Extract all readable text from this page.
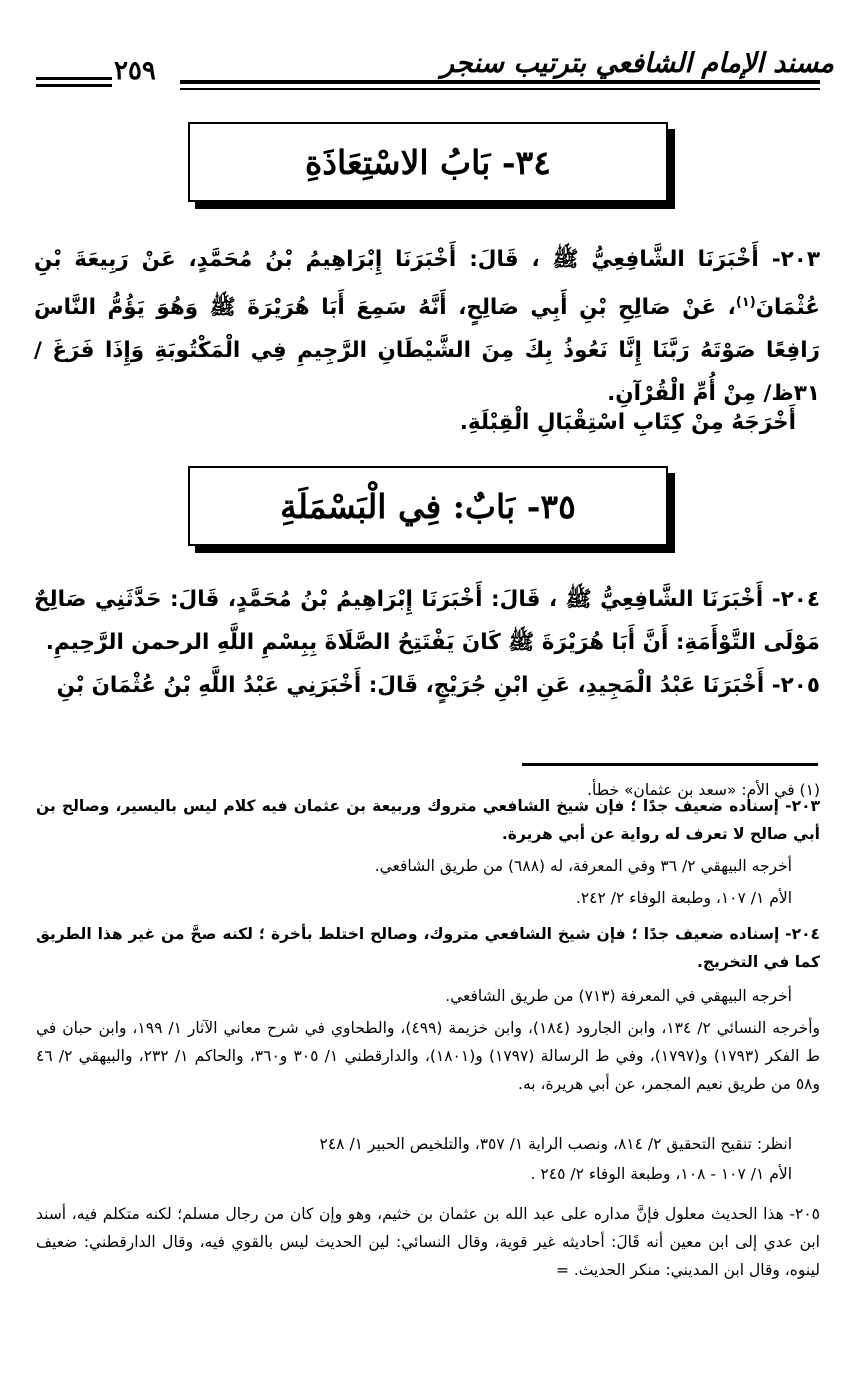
مسند الإمام الشافعي بترتيب سنجر
٢٥٩
٣٤- بَابُ الاسْتِعَاذَةِ
٢٠٣- أَخْبَرَنَا الشَّافِعِيُّ ﷺ ، قَالَ: أَخْبَرَنَا إِبْرَاهِيمُ بْنُ مُحَمَّدٍ، عَنْ رَبِيعَةَ بْنِ عُثْمَانَ$^{(١)}$، عَنْ صَالِحِ بْنِ أَبِي صَالِحٍ، أَنَّهُ سَمِعَ أَبَا هُرَيْرَةَ ﷺ وَهُوَ يَؤُمُّ النَّاسَ رَافِعًا صَوْتَهُ رَبَّنَا إِنَّا نَعُوذُ بِكَ مِنَ الشَّيْطَانِ الرَّجِيمِ فِي الْمَكْتُوبَةِ وَإِذَا فَرَغَ /٣١ظ/ مِنْ أُمِّ الْقُرْآنِ.
أَخْرَجَهُ مِنْ كِتَابِ اسْتِقْبَالِ الْقِبْلَةِ.
٣٥- بَابٌ: فِي الْبَسْمَلَةِ
٢٠٤- أَخْبَرَنَا الشَّافِعِيُّ ﷺ ، قَالَ: أَخْبَرَنَا إِبْرَاهِيمُ بْنُ مُحَمَّدٍ، قَالَ: حَدَّثَنِي صَالِحٌ مَوْلَى التَّوْأَمَةِ: أَنَّ أَبَا هُرَيْرَةَ ﷺ كَانَ يَفْتَتِحُ الصَّلَاةَ بِبِسْمِ اللَّهِ الرحمن الرَّحِيمِ.
٢٠٥- أَخْبَرَنَا عَبْدُ الْمَجِيدِ، عَنِ ابْنِ جُرَيْجٍ، قَالَ: أَخْبَرَنِي عَبْدُ اللَّهِ بْنُ عُثْمَانَ بْنِ
(١) في الأم: «سعد بن عثمان» خطأ.
٢٠٣- إسناده ضعيف جدًا ؛ فإن شيخ الشافعي متروك وربيعة بن عثمان فيه كلام ليس باليسير، وصالح بن أبي صالح لا تعرف له رواية عن أبي هريرة.
أخرجه البيهقي ٢/ ٣٦ وفي المعرفة، له (٦٨٨) من طريق الشافعي.
الأم ١/ ١٠٧، وطبعة الوفاء ٢/ ٢٤٢.
٢٠٤- إسناده ضعيف جدًا ؛ فإن شيخ الشافعي متروك، وصالح اختلط بأخرة ؛ لكنه صحَّ من غير هذا الطريق كما في التخريج.
أخرجه البيهقي في المعرفة (٧١٣) من طريق الشافعي.
وأخرجه النسائي ٢/ ١٣٤، وابن الجارود (١٨٤)، وابن خزيمة (٤٩٩)، والطحاوي في شرح معاني الآثار ١/ ١٩٩، وابن حبان في ط الفكر (١٧٩٣) و(١٧٩٧)، وفي ط الرسالة (١٧٩٧) و(١٨٠١)، والدارقطني ١/ ٣٠٥ و٣٦٠، والحاكم ١/ ٢٣٢، والبيهقي ٢/ ٤٦ و٥٨ من طريق نعيم المجمر، عن أبي هريرة، به.
انظر: تنقيح التحقيق ٢/ ٨١٤، ونصب الراية ١/ ٣٥٧، والتلخيص الحبير ١/ ٢٤٨
الأم ١/ ١٠٧ - ١٠٨، وطبعة الوفاء ٢/ ٢٤٥ .
٢٠٥- هذا الحديث معلول فإنَّ مداره على عبد الله بن عثمان بن خثيم، وهو وإن كان من رجال مسلم؛ لكنه متكلم فيه، أسند ابن عدي إلى ابن معين أنه قَالَ: أحاديثه غير قوية، وقال النسائي: لين الحديث ليس بالقوي فيه، وقال الدارقطني: ضعيف لينوه، وقال ابن المديني: منكر الحديث. =
